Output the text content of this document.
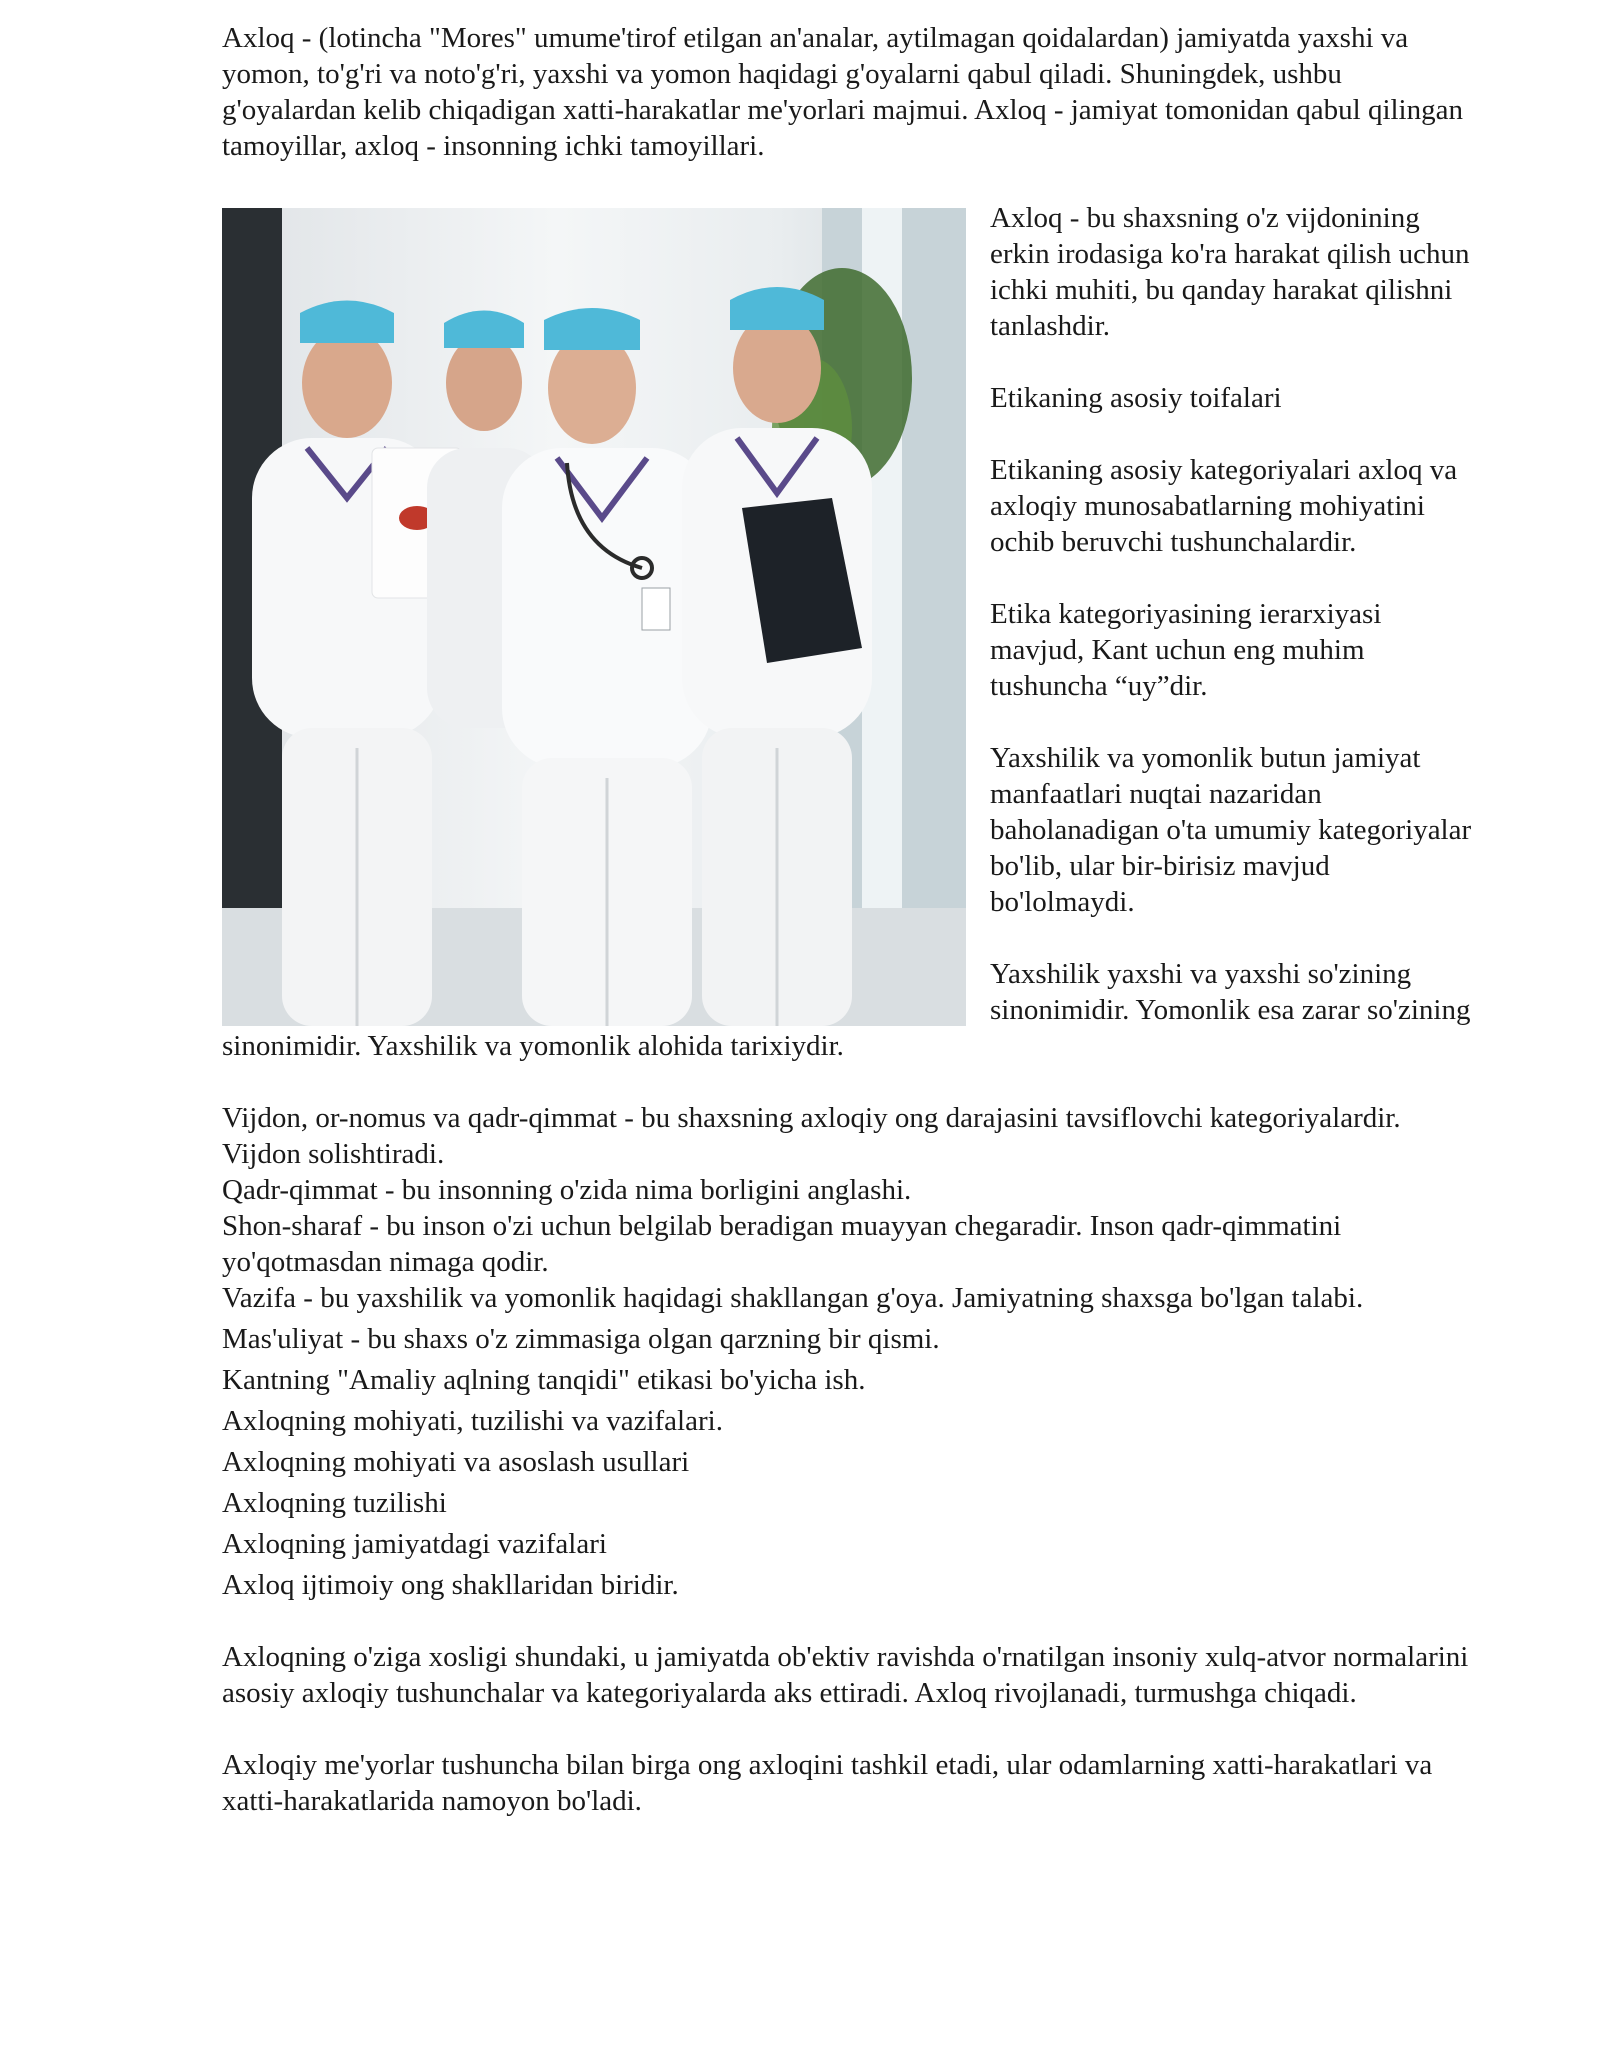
Axloq - (lotincha "Mores" umume'tirof etilgan an'analar, aytilmagan qoidalardan) jamiyatda yaxshi va yomon, to'g'ri va noto'g'ri, yaxshi va yomon haqidagi g'oyalarni qabul qiladi. Shuningdek, ushbu g'oyalardan kelib chiqadigan xatti-harakatlar me'yorlari majmui. Axloq - jamiyat tomonidan qabul qilingan tamoyillar, axloq - insonning ichki tamoyillari.

Axloq - bu shaxsning o'z vijdonining erkin irodasiga ko'ra harakat qilish uchun ichki muhiti, bu qanday harakat qilishni tanlashdir.

Etikaning asosiy toifalari

Etikaning asosiy kategoriyalari axloq va axloqiy munosabatlarning mohiyatini ochib beruvchi tushunchalardir.

Etika kategoriyasining ierarxiyasi mavjud, Kant uchun eng muhim tushuncha “uy”dir.

Yaxshilik va yomonlik butun jamiyat manfaatlari nuqtai nazaridan baholanadigan o'ta umumiy kategoriyalar bo'lib, ular bir-birisiz mavjud bo'lolmaydi.

Yaxshilik yaxshi va yaxshi so'zining sinonimidir. Yomonlik esa zarar so'zining sinonimidir. Yaxshilik va yomonlik alohida tarixiydir.

Vijdon, or-nomus va qadr-qimmat - bu shaxsning axloqiy ong darajasini tavsiflovchi kategoriyalardir. Vijdon solishtiradi.

Qadr-qimmat - bu insonning o'zida nima borligini anglashi.

Shon-sharaf - bu inson o'zi uchun belgilab beradigan muayyan chegaradir. Inson qadr-qimmatini yo'qotmasdan nimaga qodir.

Vazifa - bu yaxshilik va yomonlik haqidagi shakllangan g'oya. Jamiyatning shaxsga bo'lgan talabi.

Mas'uliyat - bu shaxs o'z zimmasiga olgan qarzning bir qismi.

Kantning "Amaliy aqlning tanqidi" etikasi bo'yicha ish.

Axloqning mohiyati, tuzilishi va vazifalari.

Axloqning mohiyati va asoslash usullari

Axloqning tuzilishi

Axloqning jamiyatdagi vazifalari

Axloq ijtimoiy ong shakllaridan biridir.

Axloqning o'ziga xosligi shundaki, u jamiyatda ob'ektiv ravishda o'rnatilgan insoniy xulq-atvor normalarini asosiy axloqiy tushunchalar va kategoriyalarda aks ettiradi. Axloq rivojlanadi, turmushga chiqadi.

Axloqiy me'yorlar tushuncha bilan birga ong axloqini tashkil etadi, ular odamlarning xatti-harakatlari va xatti-harakatlarida namoyon bo'ladi.
